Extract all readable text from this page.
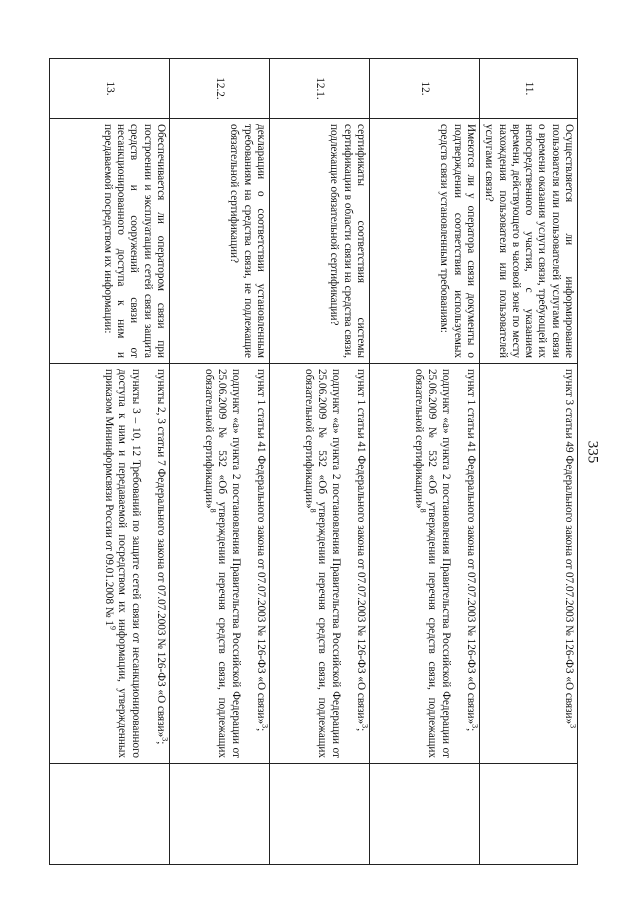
335
11.	Осуществляется ли информирование пользователя или пользователей услугами связи о времени оказания услуги связи, требующей их непосредственного участия, с указанием времени, действующего в часовой зоне по месту нахождения пользователя или пользователей услугами связи?	пункт 3 статьи 49 Федерального закона от 07.07.2003 № 126-ФЗ «О связи»$^3$

12.	Имеются ли у оператора связи документы о подтверждении соответствия используемых средств связи установленным требованиям:	пункт 1 статьи 41 Федерального закона от 07.07.2003 № 126-ФЗ «О связи»$^3$;
подпункт «а» пункта 2 постановления Правительства Российской Федерации от 25.06.2009 № 532 «Об утверждении перечня средств связи, подлежащих обязательной сертификации»$^8$

12.1.	сертификаты соответствия системы сертификации в области связи на средства связи, подлежащие обязательной сертификации?	пункт 1 статьи 41 Федерального закона от 07.07.2003 № 126-ФЗ «О связи»$^3$;
подпункт «а» пункта 2 постановления Правительства Российской Федерации от 25.06.2009 № 532 «Об утверждении перечня средств связи, подлежащих обязательной сертификации»$^8$

12.2.	декларации о соответствии установленным требованиям на средства связи, не подлежащие обязательной сертификации?	пункт 1 статьи 41 Федерального закона от 07.07.2003 № 126-ФЗ «О связи»$^3$;
подпункт «а» пункта 2 постановления Правительства Российской Федерации от 25.06.2009 № 532 «Об утверждении перечня средств связи, подлежащих обязательной сертификации»$^8$

13.	Обеспечивается ли оператором связи при построении и эксплуатации сетей связи защита средств и сооружений связи от несанкционированного доступа к ним и передаваемой посредством их информации:	пункты 2, 3 статьи 7 Федерального закона от 07.07.2003 № 126-ФЗ «О связи»$^3$;
пункты 3 – 10, 12 Требований по защите сетей связи от несанкционированного доступа к ним и передаваемой посредством их информации, утвержденных приказом Мининформсвязи России от 09.01.2008 № $1^9$
